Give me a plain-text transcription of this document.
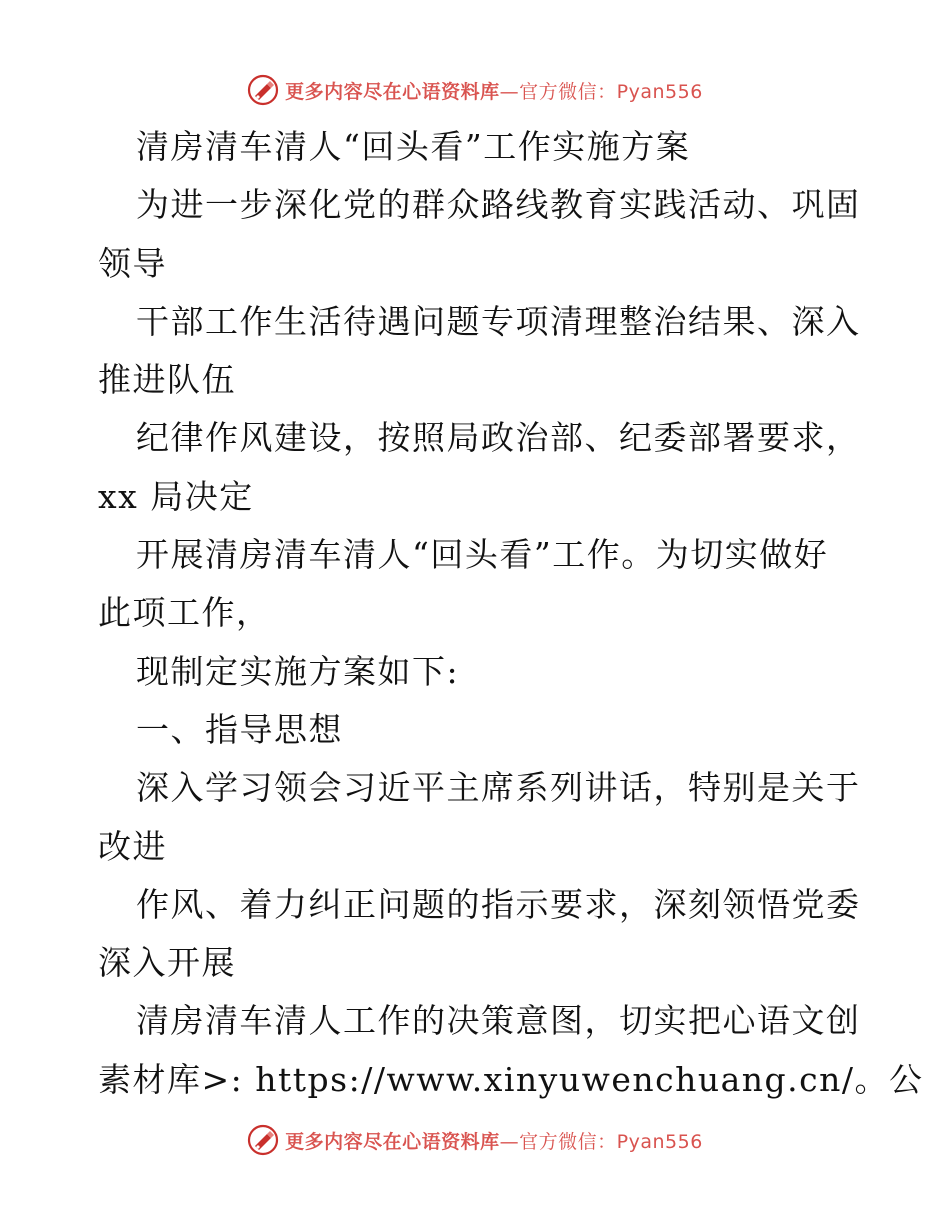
更多内容尽在心语资料库—官方微信：Pyan556
清房清车清人“回头看”工作实施方案
为进一步深化党的群众路线教育实践活动、巩固
领导
干部工作生活待遇问题专项清理整治结果、深入
推进队伍
纪律作风建设，按照局政治部、纪委部署要求，
xx 局决定
开展清房清车清人“回头看”工作。为切实做好
此项工作，
现制定实施方案如下:
一、指导思想
深入学习领会习近平主席系列讲话，特别是关于
改进
作风、着力纠正问题的指示要求，深刻领悟党委
深入开展
清房清车清人工作的决策意图，切实把心语文创
素材库>: https://www.xinyuwenchuang.cn/。公
更多内容尽在心语资料库—官方微信：Pyan556
